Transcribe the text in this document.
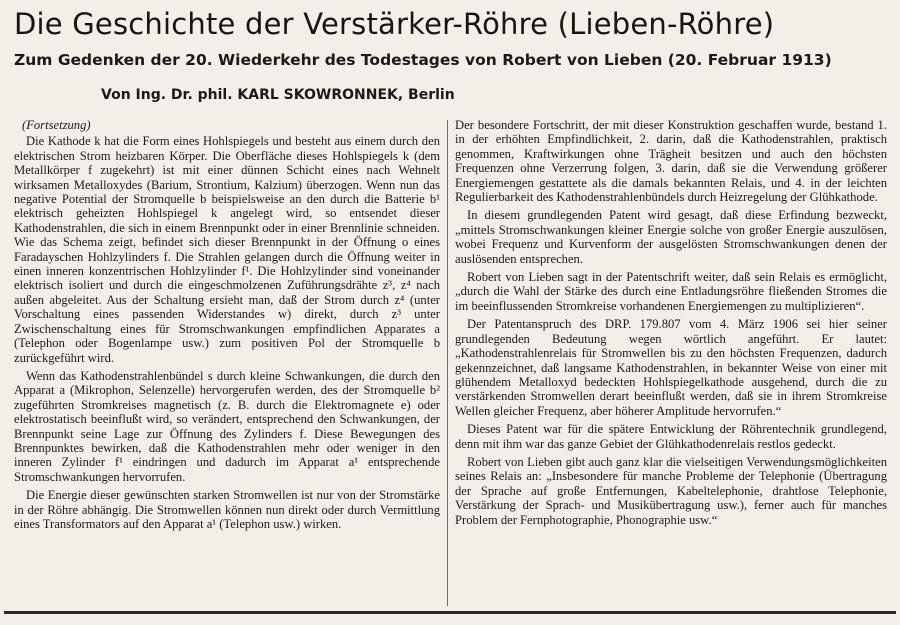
Die Geschichte der Verstärker-Röhre (Lieben-Röhre)
Zum Gedenken der 20. Wiederkehr des Todestages von Robert von Lieben (20. Februar 1913)
Von Ing. Dr. phil. KARL SKOWRONNEK, Berlin

(Fortsetzung)

Die Kathode k hat die Form eines Hohlspiegels und besteht aus einem durch den elektrischen Strom heizbaren Körper. Die Oberfläche dieses Hohlspiegels k (dem Metallkörper f zugekehrt) ist mit einer dünnen Schicht eines nach Wehnelt wirksamen Metalloxydes (Barium, Strontium, Kalzium) überzogen. Wenn nun das negative Potential der Stromquelle b beispielsweise an den durch die Batterie b¹ elektrisch geheizten Hohlspiegel k angelegt wird, so entsendet dieser Kathodenstrahlen, die sich in einem Brennpunkt oder in einer Brennlinie schneiden. Wie das Schema zeigt, befindet sich dieser Brennpunkt in der Öffnung o eines Faradayschen Hohlzylinders f. Die Strahlen gelangen durch die Öffnung weiter in einen inneren konzentrischen Hohlzylinder f¹. Die Hohlzylinder sind voneinander elektrisch isoliert und durch die eingeschmolzenen Zuführungsdrähte z³, z⁴ nach außen abgeleitet. Aus der Schaltung ersieht man, daß der Strom durch z⁴ (unter Vorschaltung eines passenden Widerstandes w) direkt, durch z³ unter Zwischenschaltung eines für Stromschwankungen empfindlichen Apparates a (Telephon oder Bogenlampe usw.) zum positiven Pol der Stromquelle b zurückgeführt wird.

Wenn das Kathodenstrahlenbündel s durch kleine Schwankungen, die durch den Apparat a (Mikrophon, Selenzelle) hervorgerufen werden, des der Stromquelle b² zugeführten Stromkreises magnetisch (z. B. durch die Elektromagnete e) oder elektrostatisch beeinflußt wird, so verändert, entsprechend den Schwankungen, der Brennpunkt seine Lage zur Öffnung des Zylinders f. Diese Bewegungen des Brennpunktes bewirken, daß die Kathodenstrahlen mehr oder weniger in den inneren Zylinder f¹ eindringen und dadurch im Apparat a¹ entsprechende Stromschwankungen hervorrufen.

Die Energie dieser gewünschten starken Stromwellen ist nur von der Stromstärke in der Röhre abhängig. Die Stromwellen können nun direkt oder durch Vermittlung eines Transformators auf den Apparat a¹ (Telephon usw.) wirken.

Der besondere Fortschritt, der mit dieser Konstruktion geschaffen wurde, bestand 1. in der erhöhten Empfindlichkeit, 2. darin, daß die Kathodenstrahlen, praktisch genommen, Kraftwirkungen ohne Trägheit besitzen und auch den höchsten Frequenzen ohne Verzerrung folgen, 3. darin, daß sie die Verwendung größerer Energiemengen gestattete als die damals bekannten Relais, und 4. in der leichten Regulierbarkeit des Kathodenstrahlenbündels durch Heizregelung der Glühkathode.

In diesem grundlegenden Patent wird gesagt, daß diese Erfindung bezweckt, „mittels Stromschwankungen kleiner Energie solche von großer Energie auszulösen, wobei Frequenz und Kurvenform der ausgelösten Stromschwankungen denen der auslösenden entsprechen.

Robert von Lieben sagt in der Patentschrift weiter, daß sein Relais es ermöglicht, „durch die Wahl der Stärke des durch eine Entladungsröhre fließenden Stromes die im beeinflussenden Stromkreise vorhandenen Energiemengen zu multiplizieren“.

Der Patentanspruch des DRP. 179.807 vom 4. März 1906 sei hier seiner grundlegenden Bedeutung wegen wörtlich angeführt. Er lautet: „Kathodenstrahlenrelais für Stromwellen bis zu den höchsten Frequenzen, dadurch gekennzeichnet, daß langsame Kathodenstrahlen, in bekannter Weise von einer mit glühendem Metalloxyd bedeckten Hohlspiegelkathode ausgehend, durch die zu verstärkenden Stromwellen derart beeinflußt werden, daß sie in ihrem Stromkreise Wellen gleicher Frequenz, aber höherer Amplitude hervorrufen.“

Dieses Patent war für die spätere Entwicklung der Röhrentechnik grundlegend, denn mit ihm war das ganze Gebiet der Glühkathodenrelais restlos gedeckt.

Robert von Lieben gibt auch ganz klar die vielseitigen Verwendungsmöglichkeiten seines Relais an: „Insbesondere für manche Probleme der Telephonie (Übertragung der Sprache auf große Entfernungen, Kabeltelephonie, drahtlose Telephonie, Verstärkung der Sprach- und Musikübertragung usw.), ferner auch für manches Problem der Fernphotographie, Phonographie usw.“
